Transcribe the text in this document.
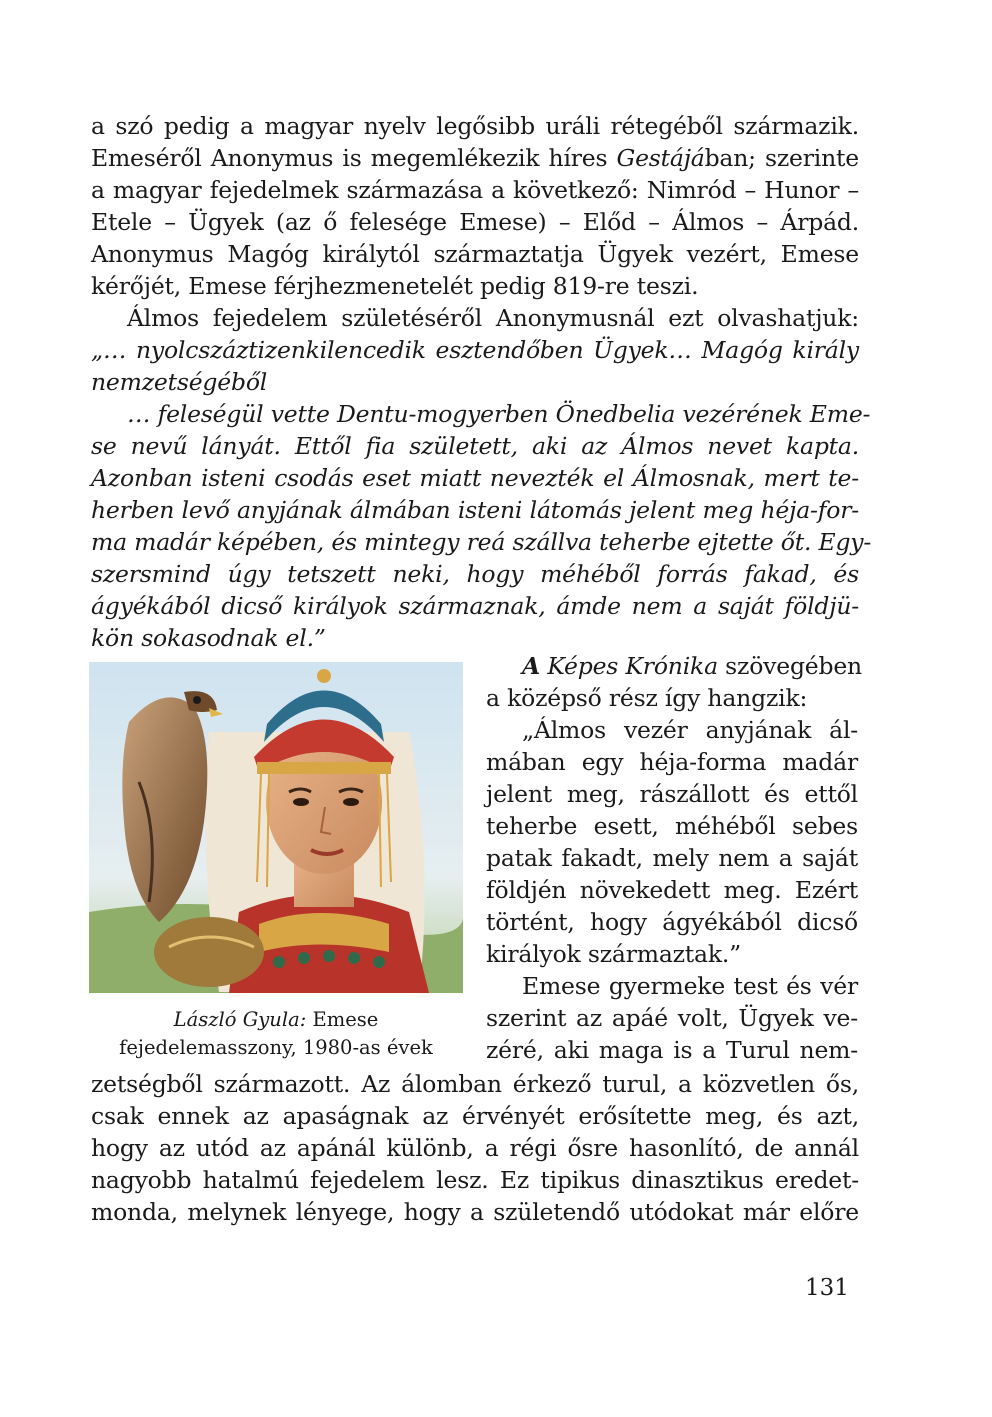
a szó pedig a magyar nyelv legősibb uráli rétegéből származik.
Emeséről Anonymus is megemlékezik híres Gestájában; szerinte
a magyar fejedelmek származása a következő: Nimród – Hunor –
Etele – Ügyek (az ő felesége Emese) – Előd – Álmos – Árpád.
Anonymus Magóg királytól származtatja Ügyek vezért, Emese
kérőjét, Emese férjhezmenetelét pedig 819-re teszi.
Álmos fejedelem születéséről Anonymusnál ezt olvashatjuk:
„… nyolcszáztizenkilencedik esztendőben Ügyek… Magóg király
nemzetségéből
… feleségül vette Dentu-mogyerben Önedbelia vezérének Eme-
se nevű lányát. Ettől fia született, aki az Álmos nevet kapta.
Azonban isteni csodás eset miatt nevezték el Álmosnak, mert te-
herben levő anyjának álmában isteni látomás jelent meg héja-for-
ma madár képében, és mintegy reá szállva teherbe ejtette őt. Egy-
szersmind úgy tetszett neki, hogy méhéből forrás fakad, és
ágyékából dicső királyok származnak, ámde nem a saját földjü-
kön sokasodnak el.”
László Gyula: Emese
fejedelemasszony, 1980-as évek
A Képes Krónika szövegében
a középső rész így hangzik:
„Álmos vezér anyjának ál-
mában egy héja-forma madár
jelent meg, rászállott és ettől
teherbe esett, méhéből sebes
patak fakadt, mely nem a saját
földjén növekedett meg. Ezért
történt, hogy ágyékából dicső
királyok származtak.”
Emese gyermeke test és vér
szerint az apáé volt, Ügyek ve-
zéré, aki maga is a Turul nem-
zetségből származott. Az álomban érkező turul, a közvetlen ős,
csak ennek az apaságnak az érvényét erősítette meg, és azt,
hogy az utód az apánál különb, a régi ősre hasonlító, de annál
nagyobb hatalmú fejedelem lesz. Ez tipikus dinasztikus eredet-
monda, melynek lényege, hogy a születendő utódokat már előre
131
